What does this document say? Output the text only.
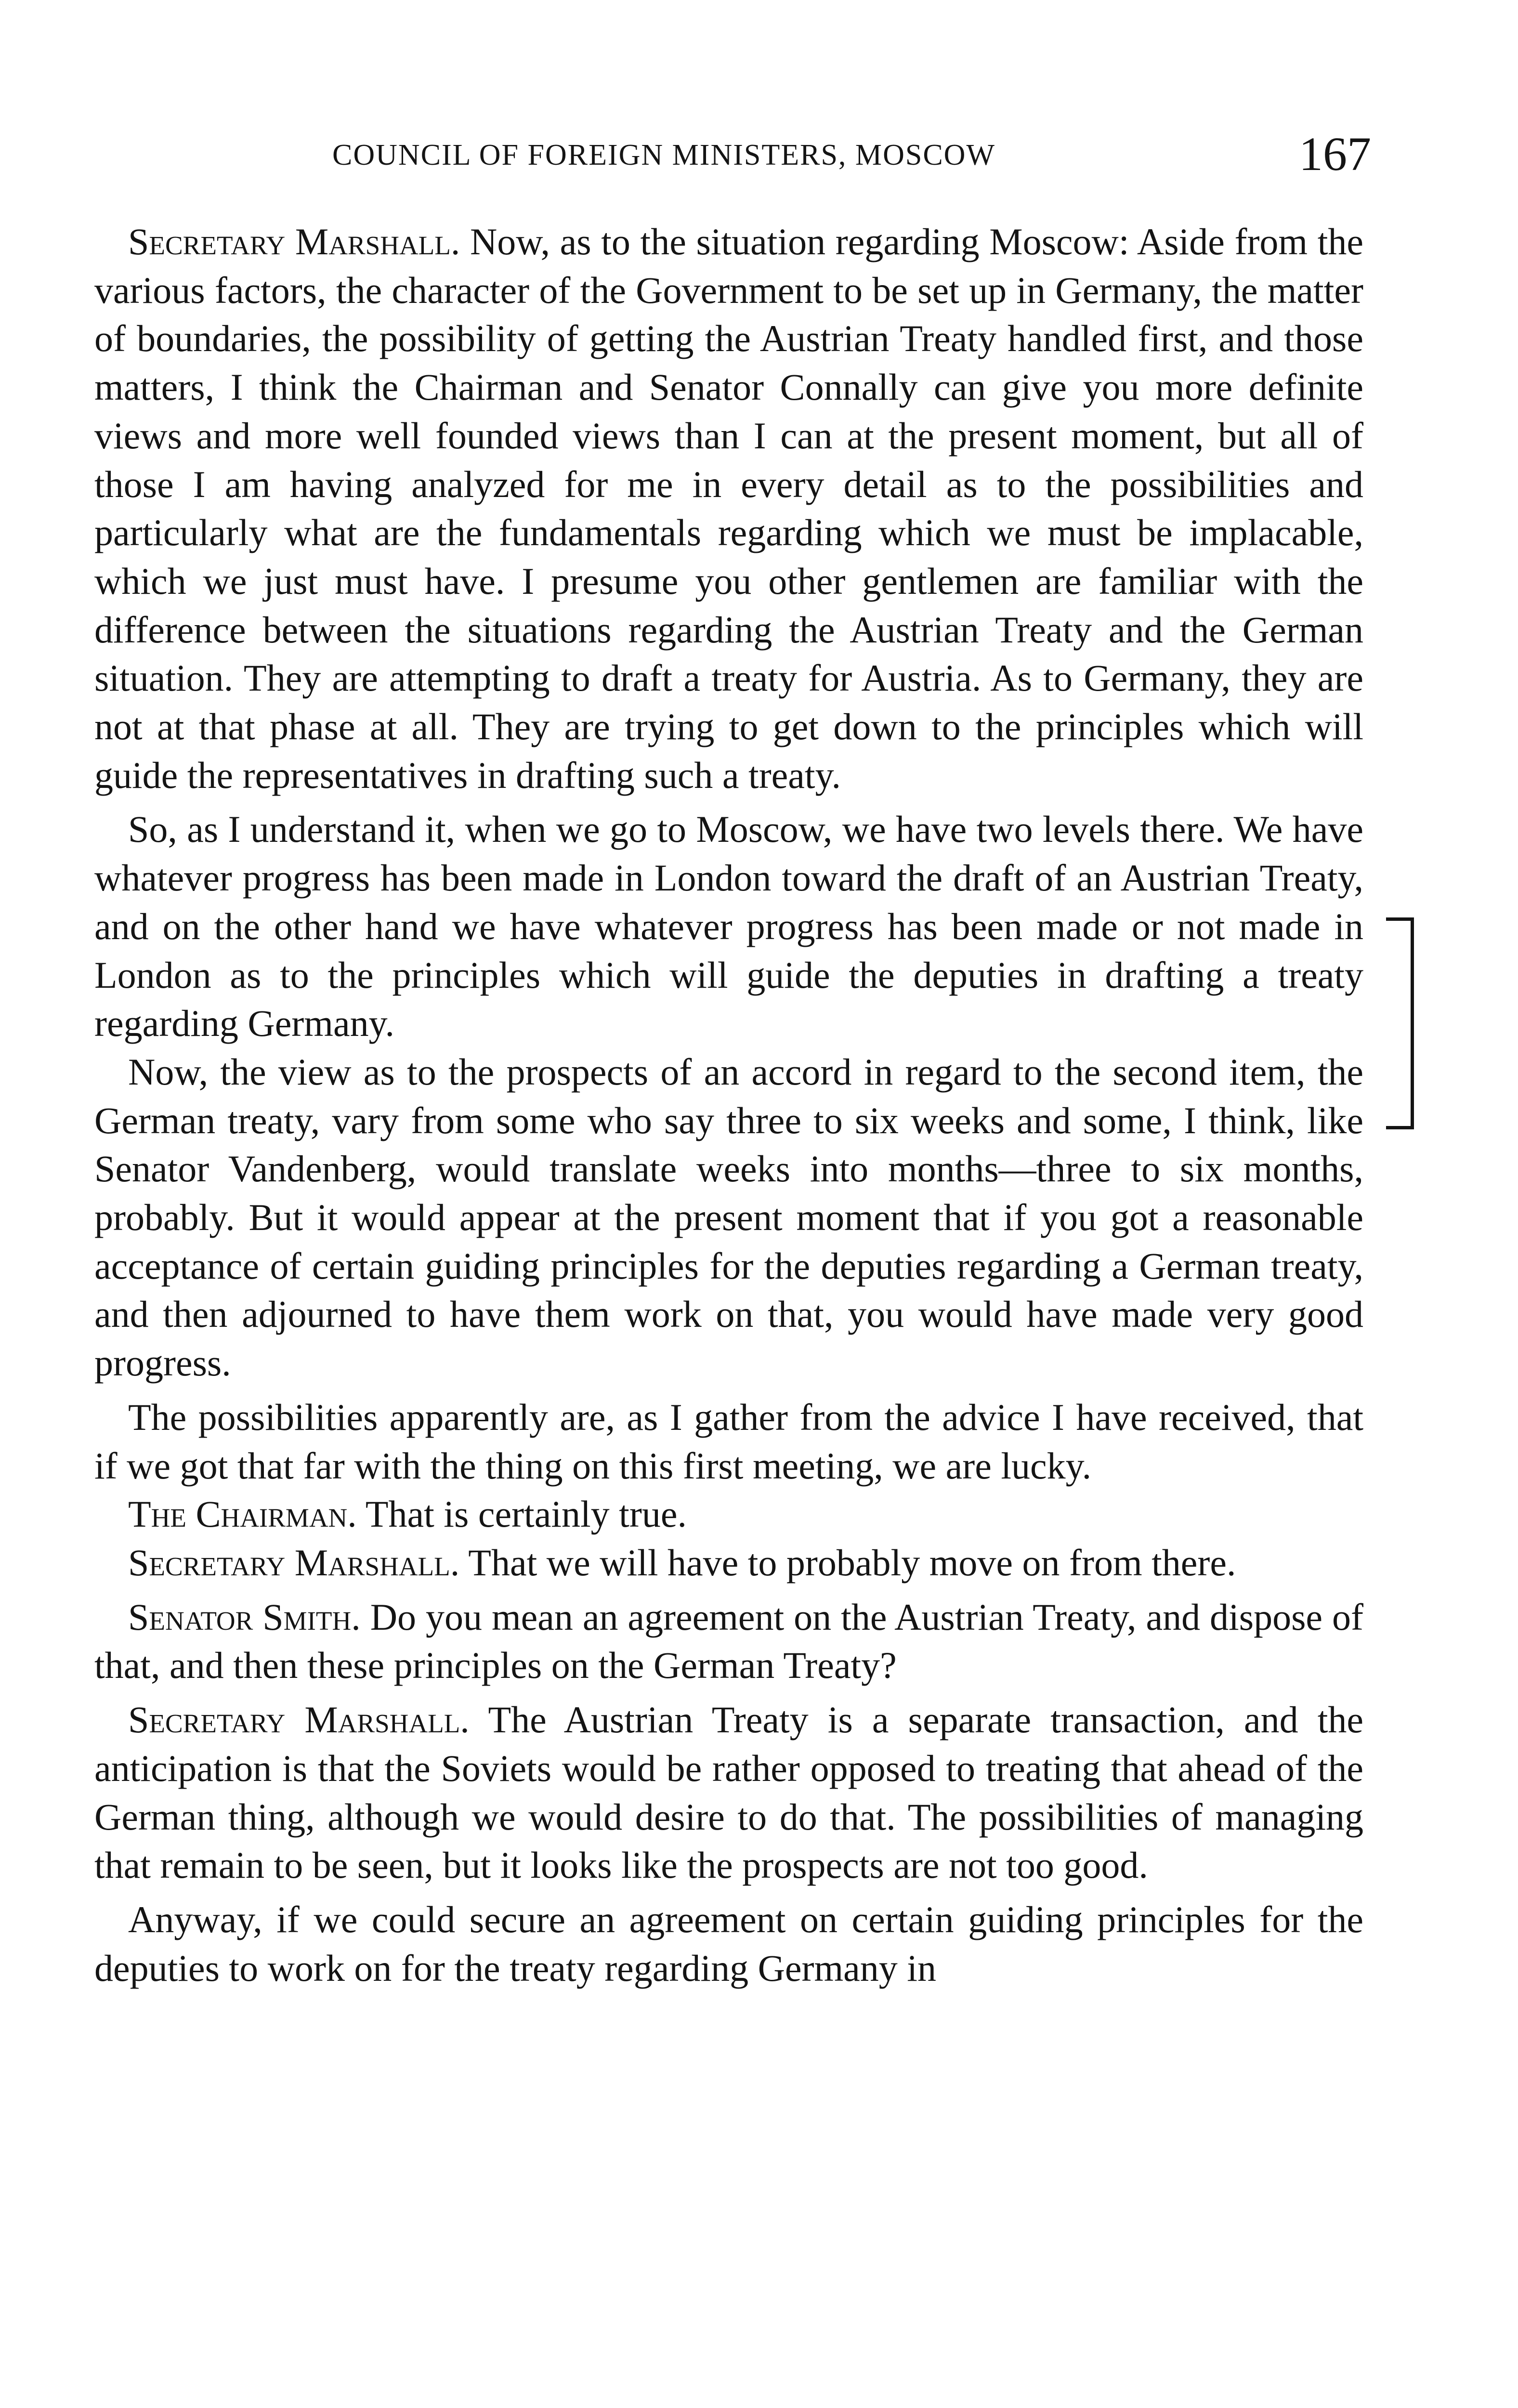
COUNCIL OF FOREIGN MINISTERS, MOSCOW	167

Secretary Marshall. Now, as to the situation regarding Moscow: Aside from the various factors, the character of the Government to be set up in Germany, the matter of boundaries, the possibility of getting the Austrian Treaty handled first, and those matters, I think the Chairman and Senator Connally can give you more definite views and more well founded views than I can at the present moment, but all of those I am having analyzed for me in every detail as to the possibilities and particularly what are the fundamentals regarding which we must be implacable, which we just must have. I presume you other gentlemen are familiar with the difference between the situations regarding the Austrian Treaty and the German situation. They are attempting to draft a treaty for Austria. As to Germany, they are not at that phase at all. They are trying to get down to the principles which will guide the representatives in drafting such a treaty.

So, as I understand it, when we go to Moscow, we have two levels there. We have whatever progress has been made in London toward the draft of an Austrian Treaty, and on the other hand we have whatever progress has been made or not made in London as to the principles which will guide the deputies in drafting a treaty regarding Germany.

Now, the view as to the prospects of an accord in regard to the second item, the German treaty, vary from some who say three to six weeks and some, I think, like Senator Vandenberg, would translate weeks into months—three to six months, probably. But it would appear at the present moment that if you got a reasonable acceptance of certain guiding principles for the deputies regarding a German treaty, and then adjourned to have them work on that, you would have made very good progress.

The possibilities apparently are, as I gather from the advice I have received, that if we got that far with the thing on this first meeting, we are lucky.

The Chairman. That is certainly true.

Secretary Marshall. That we will have to probably move on from there.

Senator Smith. Do you mean an agreement on the Austrian Treaty, and dispose of that, and then these principles on the German Treaty?

Secretary Marshall. The Austrian Treaty is a separate transaction, and the anticipation is that the Soviets would be rather opposed to treating that ahead of the German thing, although we would desire to do that. The possibilities of managing that remain to be seen, but it looks like the prospects are not too good.

Anyway, if we could secure an agreement on certain guiding principles for the deputies to work on for the treaty regarding Germany in
